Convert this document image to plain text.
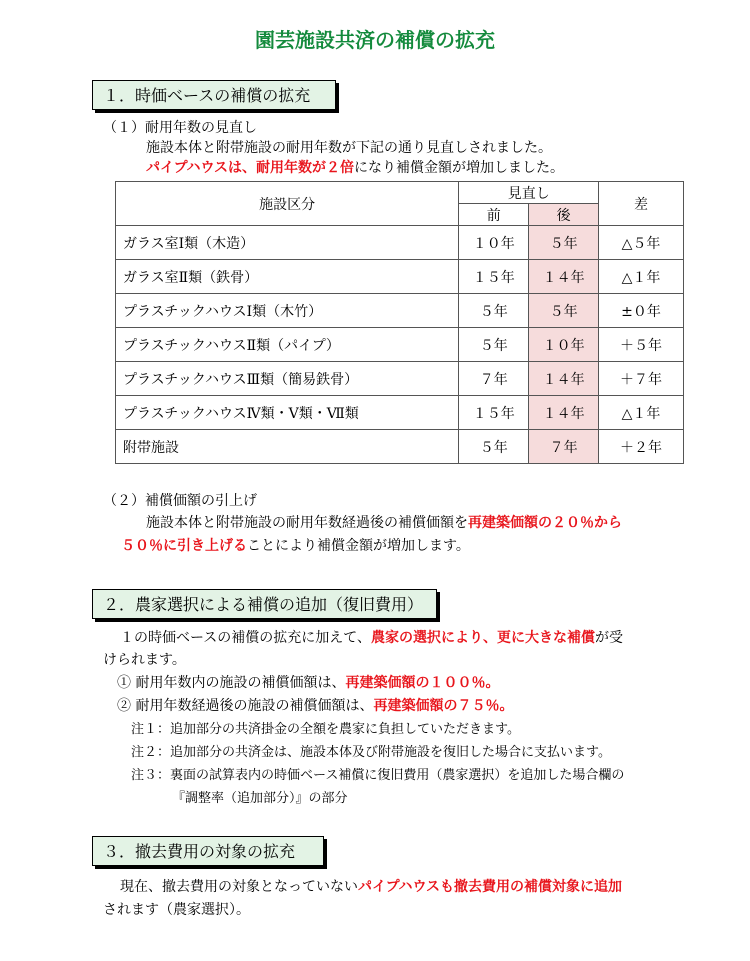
園芸施設共済の補償の拡充
１．時価ベースの補償の拡充
（１）耐用年数の見直し
施設本体と附帯施設の耐用年数が下記の通り見直しされました。
パイプハウスは、耐用年数が２倍になり補償金額が増加しました。
施設区分	見直し		差
	前	後	
ガラス室Ⅰ類（木造）	１０年	５年	△５年
ガラス室Ⅱ類（鉄骨）	１５年	１４年	△１年
プラスチックハウスⅠ類（木竹）	５年	５年	±０年
プラスチックハウスⅡ類（パイプ）	５年	１０年	＋５年
プラスチックハウスⅢ類（簡易鉄骨）	７年	１４年	＋７年
プラスチックハウスⅣ類・Ⅴ類・Ⅶ類	１５年	１４年	△１年
附帯施設	５年	７年	＋２年
（２）補償価額の引上げ
施設本体と附帯施設の耐用年数経過後の補償価額を再建築価額の２０％から
５０％に引き上げることにより補償金額が増加します。
２．農家選択による補償の追加（復旧費用）
１の時価ベースの補償の拡充に加えて、農家の選択により、更に大きな補償が受
けられます。
① 耐用年数内の施設の補償価額は、再建築価額の１００％。
② 耐用年数経過後の施設の補償価額は、再建築価額の７５％。
注１：追加部分の共済掛金の全額を農家に負担していただきます。
注２：追加部分の共済金は、施設本体及び附帯施設を復旧した場合に支払います。
注３：裏面の試算表内の時価ベース補償に復旧費用（農家選択）を追加した場合欄の
『調整率（追加部分）』の部分
３．撤去費用の対象の拡充
現在、撤去費用の対象となっていないパイプハウスも撤去費用の補償対象に追加
されます（農家選択）。
